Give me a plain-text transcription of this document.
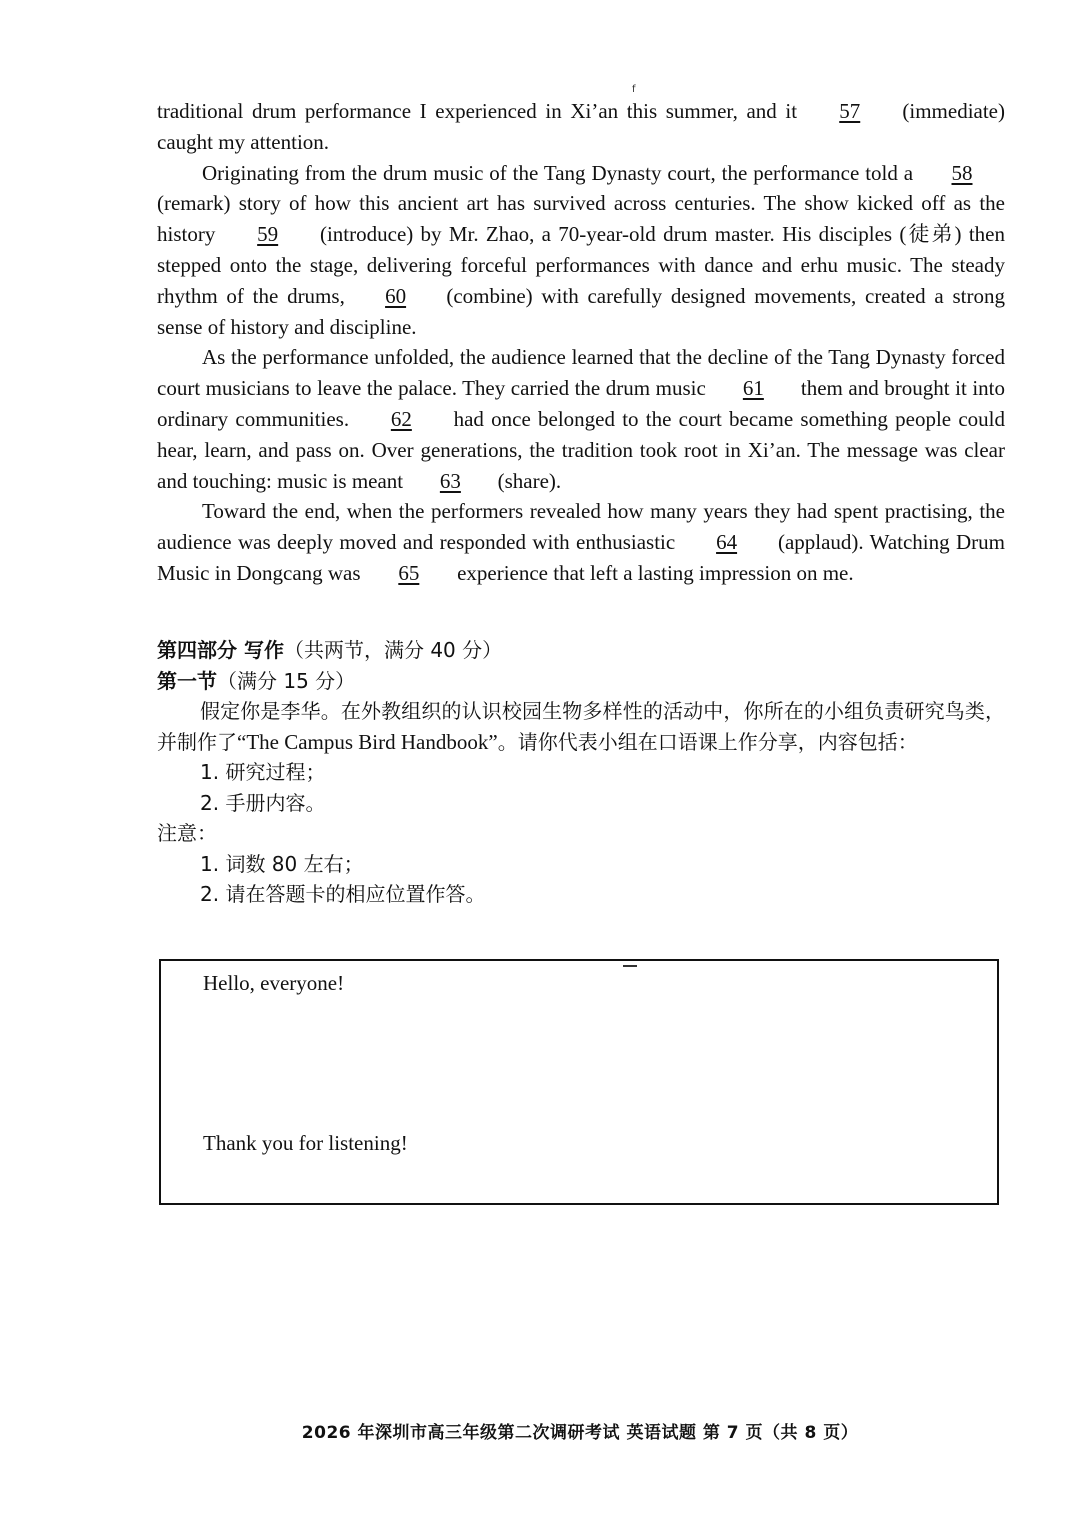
f

traditional drum performance I experienced in Xi’an this summer, and it 57 (immediate) caught my attention.

Originating from the drum music of the Tang Dynasty court, the performance told a 58 (remark) story of how this ancient art has survived across centuries. The show kicked off as the history 59 (introduce) by Mr. Zhao, a 70-year-old drum master. His disciples (徒弟) then stepped onto the stage, delivering forceful performances with dance and erhu music. The steady rhythm of the drums, 60 (combine) with carefully designed movements, created a strong sense of history and discipline.

As the performance unfolded, the audience learned that the decline of the Tang Dynasty forced court musicians to leave the palace. They carried the drum music 61 them and brought it into ordinary communities. 62 had once belonged to the court became something people could hear, learn, and pass on. Over generations, the tradition took root in Xi’an. The message was clear and touching: music is meant 63 (share).

Toward the end, when the performers revealed how many years they had spent practising, the audience was deeply moved and responded with enthusiastic 64 (applaud). Watching Drum Music in Dongcang was 65 experience that left a lasting impression on me.

第四部分 写作（共两节，满分 40 分）
第一节（满分 15 分）

假定你是李华。在外教组织的认识校园生物多样性的活动中，你所在的小组负责研究鸟类，并制作了“The Campus Bird Handbook”。请你代表小组在口语课上作分享，内容包括：

1. 研究过程；
2. 手册内容。
注意：
1. 词数 80 左右；
2. 请在答题卡的相应位置作答。
Hello, everyone!
Thank you for listening!
2026 年深圳市高三年级第二次调研考试 英语试题 第 7 页（共 8 页）
